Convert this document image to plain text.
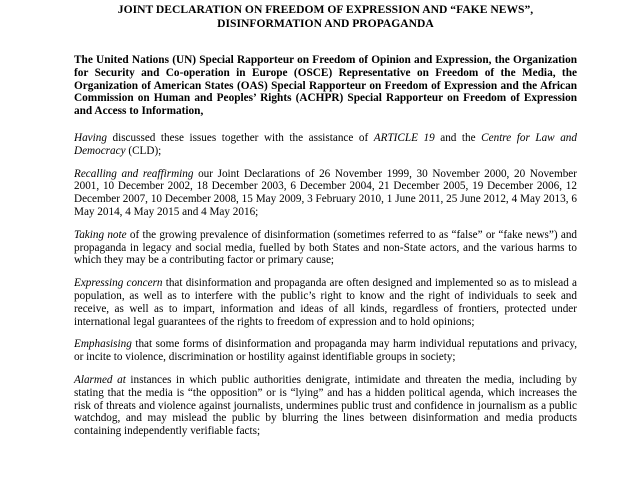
JOINT DECLARATION ON FREEDOM OF EXPRESSION AND “FAKE NEWS”,
DISINFORMATION AND PROPAGANDA

The United Nations (UN) Special Rapporteur on Freedom of Opinion and Expression, the Organization for Security and Co-operation in Europe (OSCE) Representative on Freedom of the Media, the Organization of American States (OAS) Special Rapporteur on Freedom of Expression and the African Commission on Human and Peoples’ Rights (ACHPR) Special Rapporteur on Freedom of Expression and Access to Information,

Having discussed these issues together with the assistance of ARTICLE 19 and the Centre for Law and Democracy (CLD);

Recalling and reaffirming our Joint Declarations of 26 November 1999, 30 November 2000, 20 November 2001, 10 December 2002, 18 December 2003, 6 December 2004, 21 December 2005, 19 December 2006, 12 December 2007, 10 December 2008, 15 May 2009, 3 February 2010, 1 June 2011, 25 June 2012, 4 May 2013, 6 May 2014, 4 May 2015 and 4 May 2016;

Taking note of the growing prevalence of disinformation (sometimes referred to as “false” or “fake news”) and propaganda in legacy and social media, fuelled by both States and non-State actors, and the various harms to which they may be a contributing factor or primary cause;

Expressing concern that disinformation and propaganda are often designed and implemented so as to mislead a population, as well as to interfere with the public’s right to know and the right of individuals to seek and receive, as well as to impart, information and ideas of all kinds, regardless of frontiers, protected under international legal guarantees of the rights to freedom of expression and to hold opinions;

Emphasising that some forms of disinformation and propaganda may harm individual reputations and privacy, or incite to violence, discrimination or hostility against identifiable groups in society;

Alarmed at instances in which public authorities denigrate, intimidate and threaten the media, including by stating that the media is “the opposition” or is “lying” and has a hidden political agenda, which increases the risk of threats and violence against journalists, undermines public trust and confidence in journalism as a public watchdog, and may mislead the public by blurring the lines between disinformation and media products containing independently verifiable facts;
